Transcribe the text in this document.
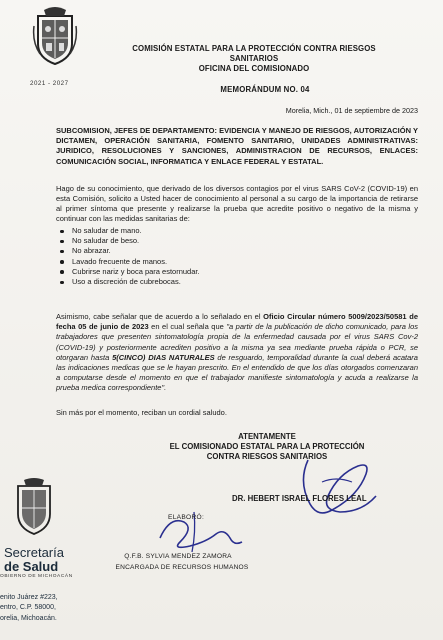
2021 - 2027
COMISIÓN ESTATAL PARA LA PROTECCIÓN CONTRA RIESGOS
SANITARIOS
OFICINA DEL COMISIONADO
MEMORÁNDUM NO. 04
Morelia, Mich., 01 de septiembre de 2023
SUBCOMISION, JEFES DE DEPARTAMENTO: EVIDENCIA Y MANEJO DE RIESGOS, AUTORIZACIÓN Y DICTAMEN, OPERACIÓN SANITARIA, FOMENTO SANITARIO, UNIDADES ADMINISTRATIVAS: JURIDICO, RESOLUCIONES Y SANCIONES, ADMINISTRACION DE RECURSOS, ENLACES: COMUNICACIÓN SOCIAL, INFORMATICA Y ENLACE FEDERAL Y ESTATAL.

Hago de su conocimiento, que derivado de los diversos contagios por el virus SARS CoV-2 (COVID-19) en esta Comisión, solicito a Usted hacer de conocimiento al personal a su cargo de la importancia de retirarse al primer síntoma que presente y realizarse la prueba que acredite positivo o negativo de la misma y continuar con las medidas sanitarias de:

No saludar de mano.
No saludar de beso.
No abrazar.
Lavado frecuente de manos.
Cubrirse nariz y boca para estornudar.
Uso a discreción de cubrebocas.

Asimismo, cabe señalar que de acuerdo a lo señalado en el Oficio Circular número 5009/2023/50581 de fecha 05 de junio de 2023 en el cual señala que "a partir de la publicación de dicho comunicado, para los trabajadores que presenten sintomatología propia de la enfermedad causada por el virus SARS Cov-2 (COVID-19) y posteriormente acrediten positivo a la misma ya sea mediante prueba rápida o PCR, se otorgaran hasta 5(CINCO) DIAS NATURALES de resguardo, temporalidad durante la cual deberá acatara las indicaciones medicas que se le hayan prescrito. En el entendido de que los días otorgados comenzaran a computarse desde el momento en que el trabajador manifieste sintomatología y acuda a realizarse la prueba medica correspondiente".

Sin más por el momento, reciban un cordial saludo.

ATENTAMENTE
EL COMISIONADO ESTATAL PARA LA PROTECCIÓN
CONTRA RIESGOS SANITARIOS
DR. HEBERT ISRAEL FLORES LEAL
ELABORÓ:
Q.F.B. SYLVIA MENDEZ ZAMORA
ENCARGADA DE RECURSOS HUMANOS
Secretaría
de Salud
OBIERNO DE MICHOACÁN
enito Juárez #223,
entro, C.P. 58000,
orelia, Michoacán.
